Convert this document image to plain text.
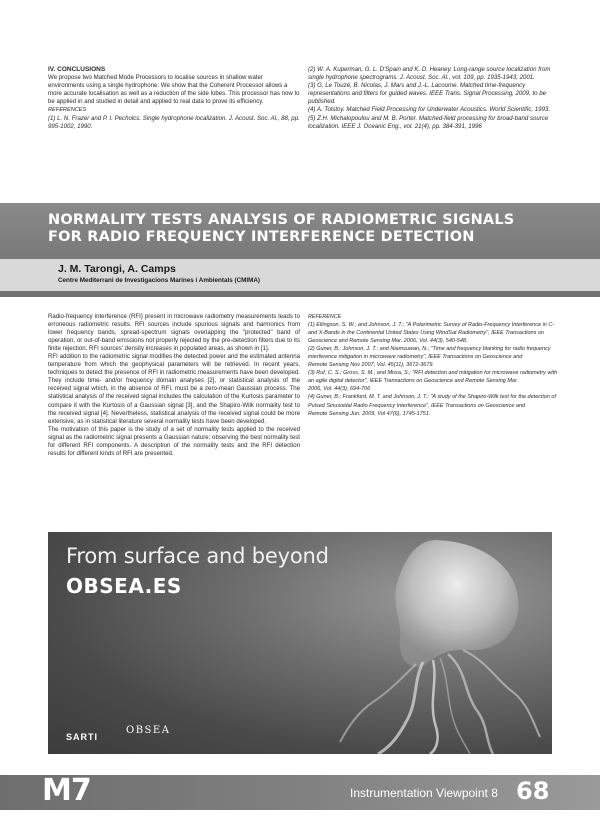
IV. CONCLUSIONS

We propose two Matched Mode Processors to localise sources in shallow water environments using a single hydrophone. We show that the Coherent Processor allows a more accurate localisation as well as a reduction of the side lobes. This processor has now to be applied in and studied in detail and applied to real data to prove its efficiency.

REFERENCES

(1) L. N. Frazer and P. I. Pecholcs. Single hydrophone localization. J. Acoust. Soc. Al., 88, pp. 995-1002, 1990.

(2) W. A. Kuperman, G. L. D'Spain and K. D. Heaney. Long-range source localization from single hydrophone spectrograms. J. Acoust. Soc. Al., vol. 109, pp. 1935-1943, 2001.

(3) G. Le Touzé, B. Nicolas, J. Mars and J.-L. Lacoume. Matched time-frequency representations and filters for guided waves. IEEE Trans. Signal Processing, 2009, to be published.

(4) A. Tolstoy. Matched Field Processing for Underwater Acoustics. World Scientific, 1993.

(5) Z.H. Michalopoulou and M. B. Porter. Matched-field processing for broad-band source localization. IEEE J. Oceanic Eng., vol. 21(4), pp. 384-391, 1996

NORMALITY TESTS ANALYSIS OF RADIOMETRIC SIGNALS
FOR RADIO FREQUENCY INTERFERENCE DETECTION
J. M. Tarongi, A. Camps
Centre Mediterrani de Investigacions Marines i Ambientals (CMIMA)

Radio-frequency interference (RFI) present in microwave radiometry measurements leads to erroneous radiometric results. RFI sources include spurious signals and harmonics from lower frequency bands, spread-spectrum signals overlapping the "protected" band of operation, or out-of-band emissions not properly rejected by the pre-detection filters due to its finite rejection. RFI sources' density increases in populated areas, as shown in [1].

RFI addition to the radiometric signal modifies the detected power and the estimated antenna temperature from which the geophysical parameters will be retrieved. In recent years, techniques to detect the presence of RFI in radiometric measurements have been developed. They include time- and/or frequency domain analyses [2], or statistical analysis of the received signal which, in the absence of RFI, must be a zero-mean Gaussian process. The statistical analysis of the received signal includes the calculation of the Kurtosis parameter to compare it with the Kurtosis of a Gaussian signal [3], and the Shapiro-Wilk normality test to the received signal [4]. Nevertheless, statistical analysis of the received signal could be more extensive, as in statistical literature several normality tests have been developed.

The motivation of this paper is the study of a set of normality tests applied to the received signal as the radiometric signal presents a Gaussian nature; observing the best normality test for different RFI components. A description of the normality tests and the RFI detection results for different kinds of RFI are presented.

REFERENCE

(1) Ellingson, S. W.; and Johnson, J. T.; "A Polarimetric Survey of Radio-Frequency Interference in C- and X-Bands in the Continental United States Using WindSat Radiometry", IEEE Transactions on Geoscience and Remote Sensing Mar. 2006, Vol. 44(3), 540-548.

(2) Guner, B.; Johnson, J. T.; and Niamsuwan, N.; "Time and frequency blanking for radio frequency interference mitigation in microwave radiometry", IEEE Transactions on Geoscience and

Remote Sensing Nov 2007, Vol. 45(11), 3672-3679.

(3) Ruf, C. S.; Gross, S. M.; and Misra, S.; "RFI detection and mitigation for microwave radiometry with an agile digital detector", IEEE Transactions on Geoscience and Remote Sensing Mar.

2006, Vol. 44(3), 694-706

(4) Guner, B.; Frankford, M. T. and Johnson, J. T.; "A study of the Shapiro-Wilk test for the detection of Pulsed Sinusoidal Radio Frequency Interference", IEEE Transactions on Geoscience and

Remote Sensing Jun. 2009, Vol 47(6), 1745-1751.

From surface and beyond
OBSEA.ES
SARTI
OBSEA
M7	Instrumentation Viewpoint 8 68
